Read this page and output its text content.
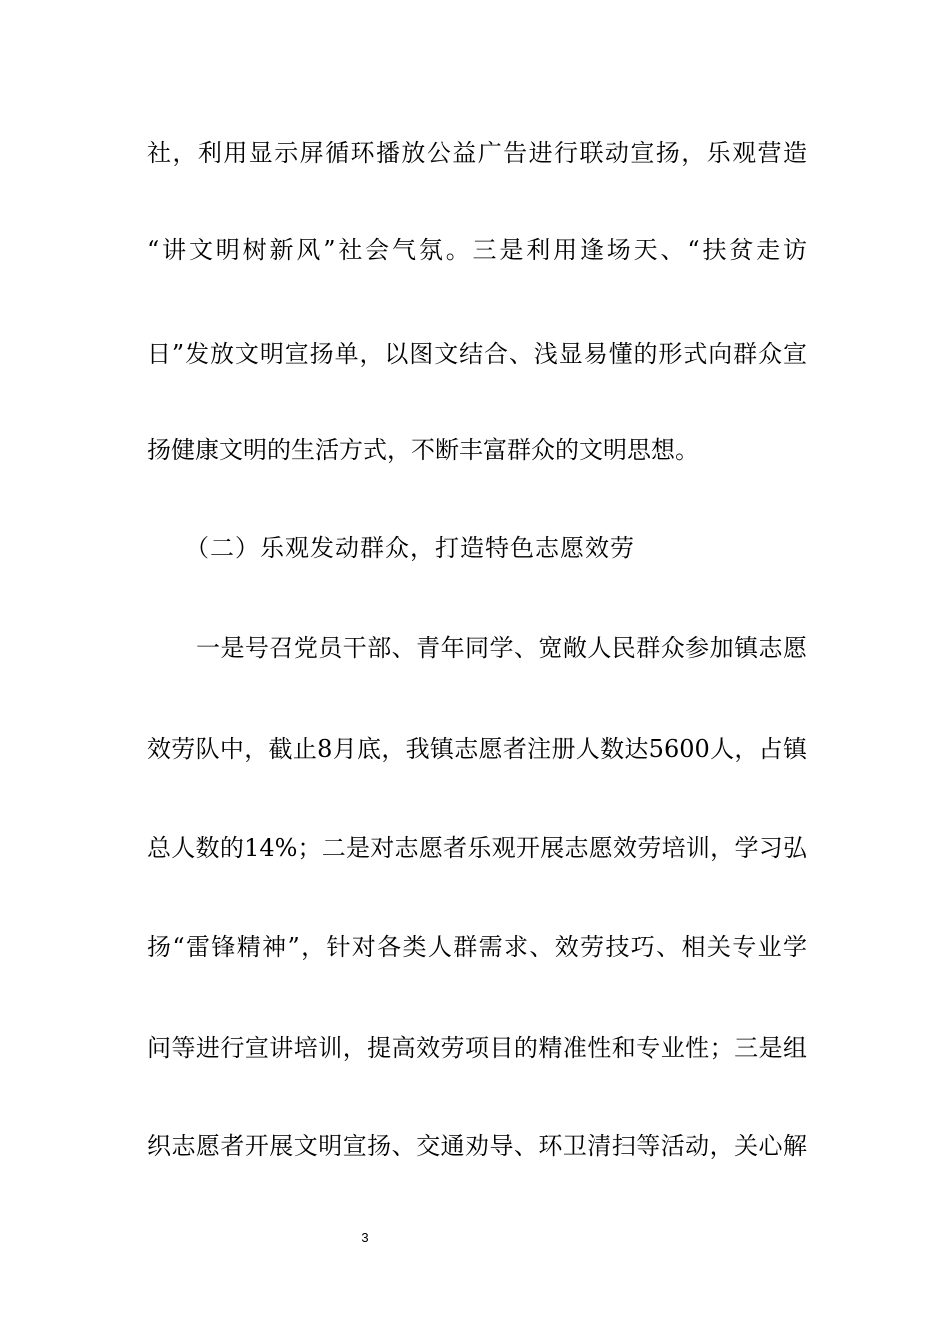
社，利用显示屏循环播放公益广告进行联动宣扬，乐观营造
“讲文明树新风”社会气氛。三是利用逢场天、“扶贫走访
日”发放文明宣扬单，以图文结合、浅显易懂的形式向群众宣
扬健康文明的生活方式，不断丰富群众的文明思想。
（二）乐观发动群众，打造特色志愿效劳
一是号召党员干部、青年同学、宽敞人民群众参加镇志愿
效劳队中，截止8月底，我镇志愿者注册人数达5600人，占镇
总人数的14%；二是对志愿者乐观开展志愿效劳培训，学习弘
扬“雷锋精神”，针对各类人群需求、效劳技巧、相关专业学
问等进行宣讲培训，提高效劳项目的精准性和专业性；三是组
织志愿者开展文明宣扬、交通劝导、环卫清扫等活动，关心解
3
